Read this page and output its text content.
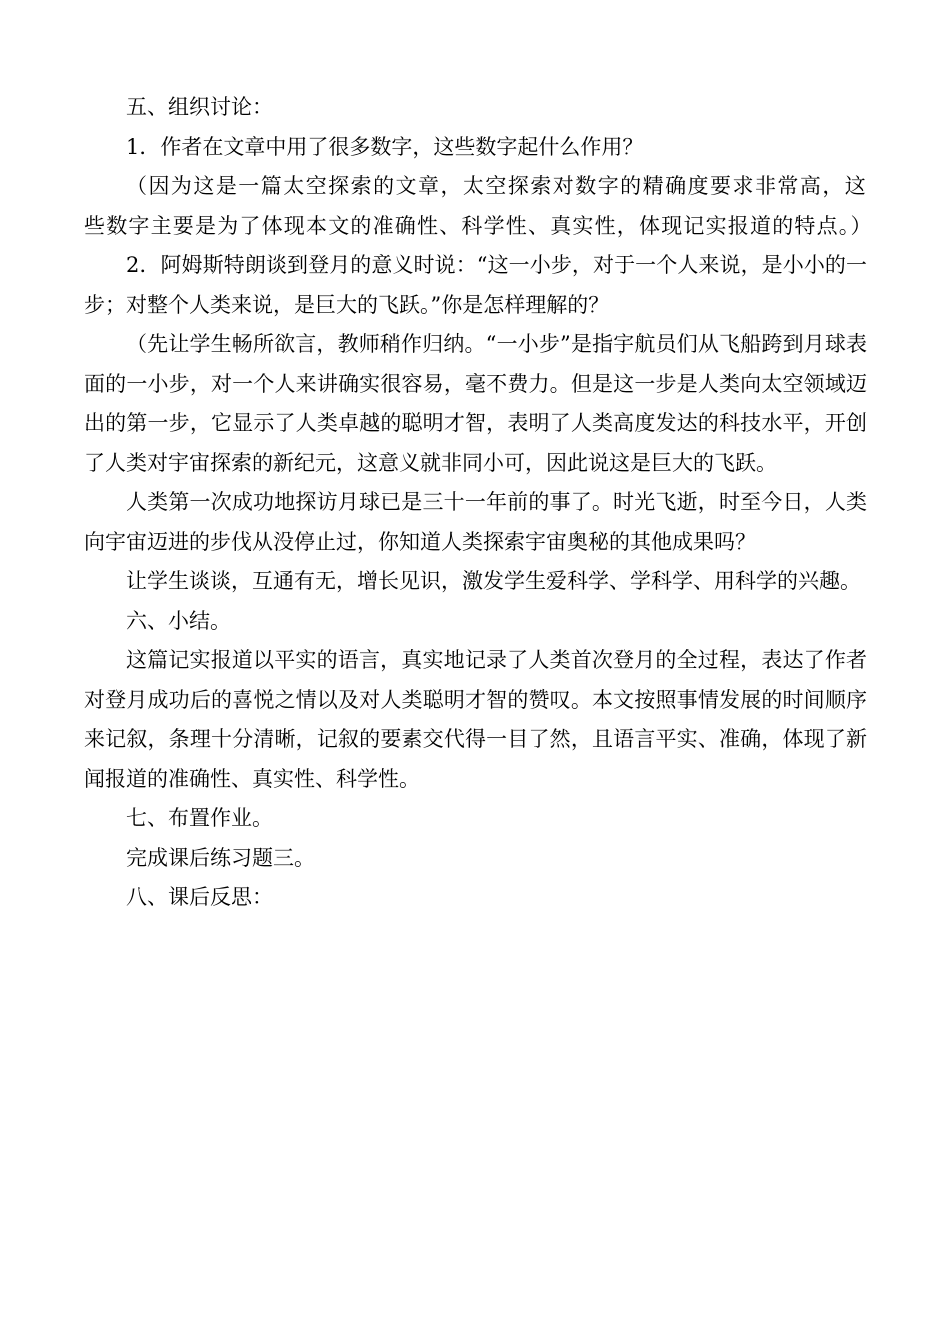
五、组织讨论：

1．作者在文章中用了很多数字，这些数字起什么作用？

（因为这是一篇太空探索的文章，太空探索对数字的精确度要求非常高，这些数字主要是为了体现本文的准确性、科学性、真实性，体现记实报道的特点。）

2．阿姆斯特朗谈到登月的意义时说：“这一小步，对于一个人来说，是小小的一步；对整个人类来说，是巨大的飞跃。”你是怎样理解的？

（先让学生畅所欲言，教师稍作归纳。“一小步”是指宇航员们从飞船跨到月球表面的一小步，对一个人来讲确实很容易，毫不费力。但是这一步是人类向太空领域迈出的第一步，它显示了人类卓越的聪明才智，表明了人类高度发达的科技水平，开创了人类对宇宙探索的新纪元，这意义就非同小可，因此说这是巨大的飞跃。

人类第一次成功地探访月球已是三十一年前的事了。时光飞逝，时至今日，人类向宇宙迈进的步伐从没停止过，你知道人类探索宇宙奥秘的其他成果吗？

让学生谈谈，互通有无，增长见识，激发学生爱科学、学科学、用科学的兴趣。

六、小结。

这篇记实报道以平实的语言，真实地记录了人类首次登月的全过程，表达了作者对登月成功后的喜悦之情以及对人类聪明才智的赞叹。本文按照事情发展的时间顺序来记叙，条理十分清晰，记叙的要素交代得一目了然，且语言平实、准确，体现了新闻报道的准确性、真实性、科学性。

七、布置作业。

完成课后练习题三。

八、课后反思：
